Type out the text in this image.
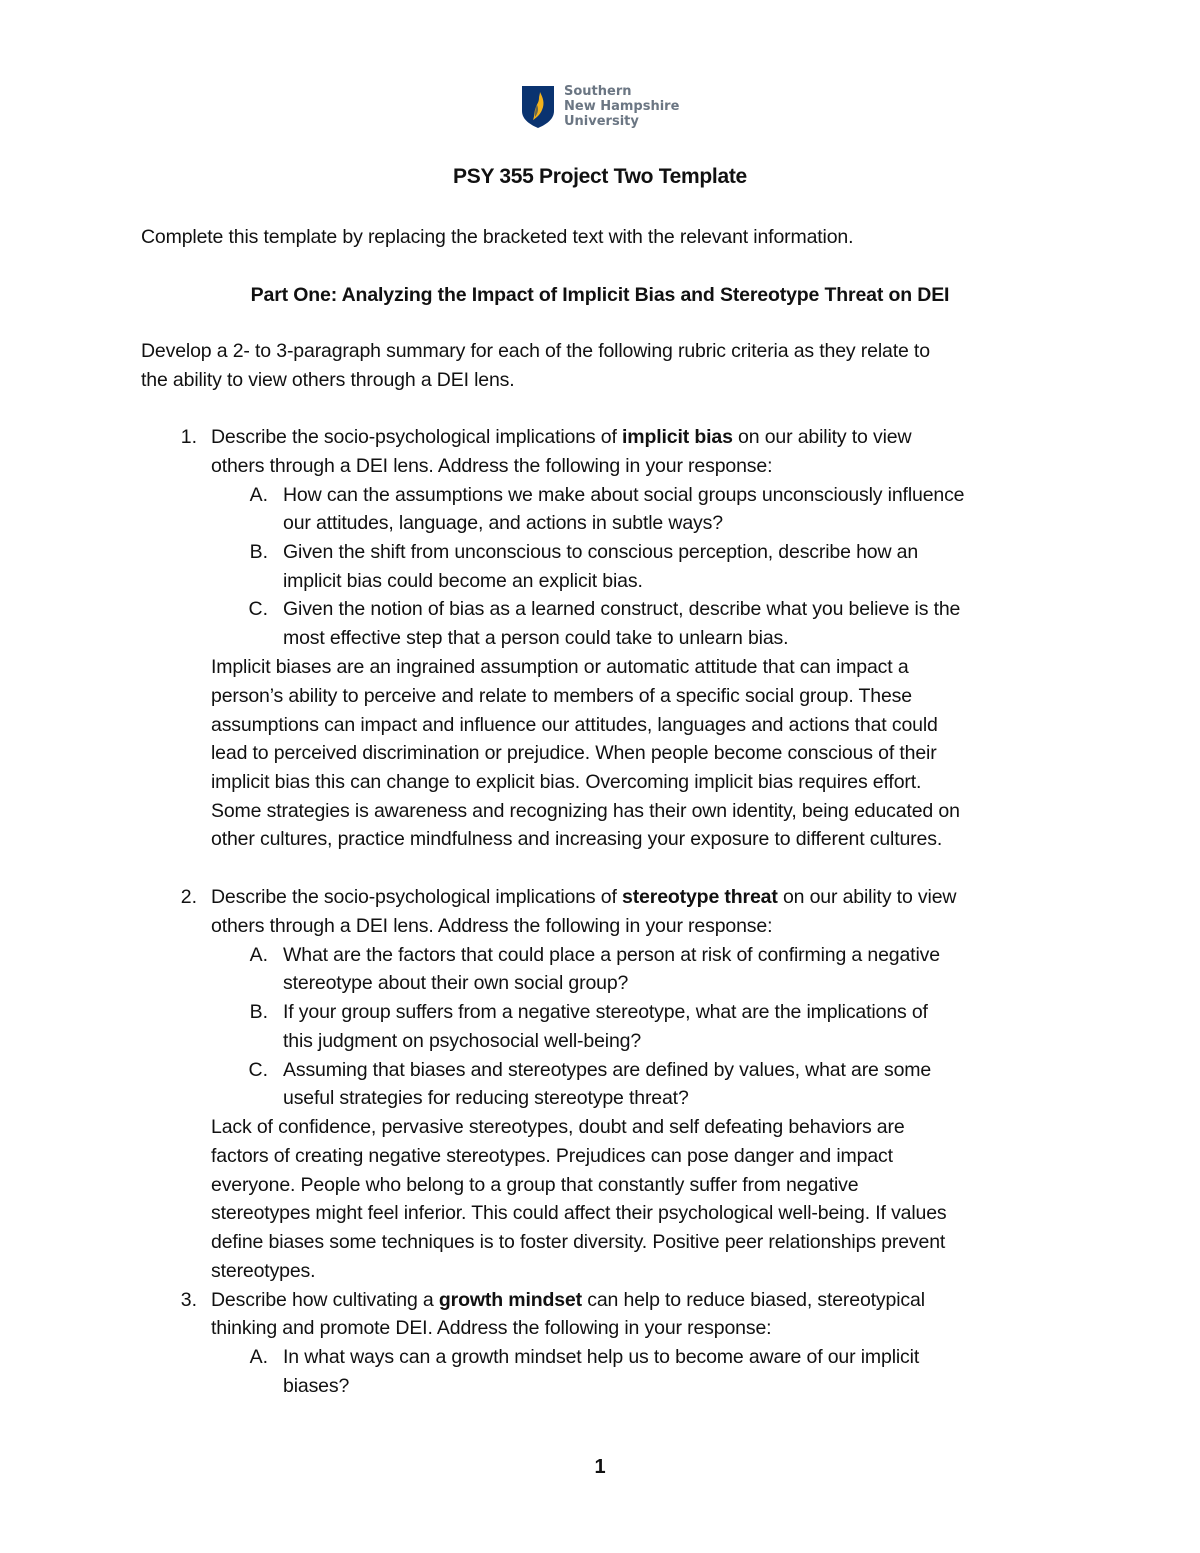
Southern
New Hampshire
University
PSY 355 Project Two Template
Complete this template by replacing the bracketed text with the relevant information.
Part One: Analyzing the Impact of Implicit Bias and Stereotype Threat on DEI
Develop a 2- to 3-paragraph summary for each of the following rubric criteria as they relate to
the ability to view others through a DEI lens.
1. Describe the socio-psychological implications of implicit bias on our ability to view
others through a DEI lens. Address the following in your response:
A. How can the assumptions we make about social groups unconsciously influence
our attitudes, language, and actions in subtle ways?
B. Given the shift from unconscious to conscious perception, describe how an
implicit bias could become an explicit bias.
C. Given the notion of bias as a learned construct, describe what you believe is the
most effective step that a person could take to unlearn bias.
Implicit biases are an ingrained assumption or automatic attitude that can impact a
person’s ability to perceive and relate to members of a specific social group. These
assumptions can impact and influence our attitudes, languages and actions that could
lead to perceived discrimination or prejudice. When people become conscious of their
implicit bias this can change to explicit bias. Overcoming implicit bias requires effort.
Some strategies is awareness and recognizing has their own identity, being educated on
other cultures, practice mindfulness and increasing your exposure to different cultures.
2. Describe the socio-psychological implications of stereotype threat on our ability to view
others through a DEI lens. Address the following in your response:
A. What are the factors that could place a person at risk of confirming a negative
stereotype about their own social group?
B. If your group suffers from a negative stereotype, what are the implications of
this judgment on psychosocial well-being?
C. Assuming that biases and stereotypes are defined by values, what are some
useful strategies for reducing stereotype threat?
Lack of confidence, pervasive stereotypes, doubt and self defeating behaviors are
factors of creating negative stereotypes. Prejudices can pose danger and impact
everyone. People who belong to a group that constantly suffer from negative
stereotypes might feel inferior. This could affect their psychological well-being. If values
define biases some techniques is to foster diversity. Positive peer relationships prevent
stereotypes.
3. Describe how cultivating a growth mindset can help to reduce biased, stereotypical
thinking and promote DEI. Address the following in your response:
A. In what ways can a growth mindset help us to become aware of our implicit
biases?
1
